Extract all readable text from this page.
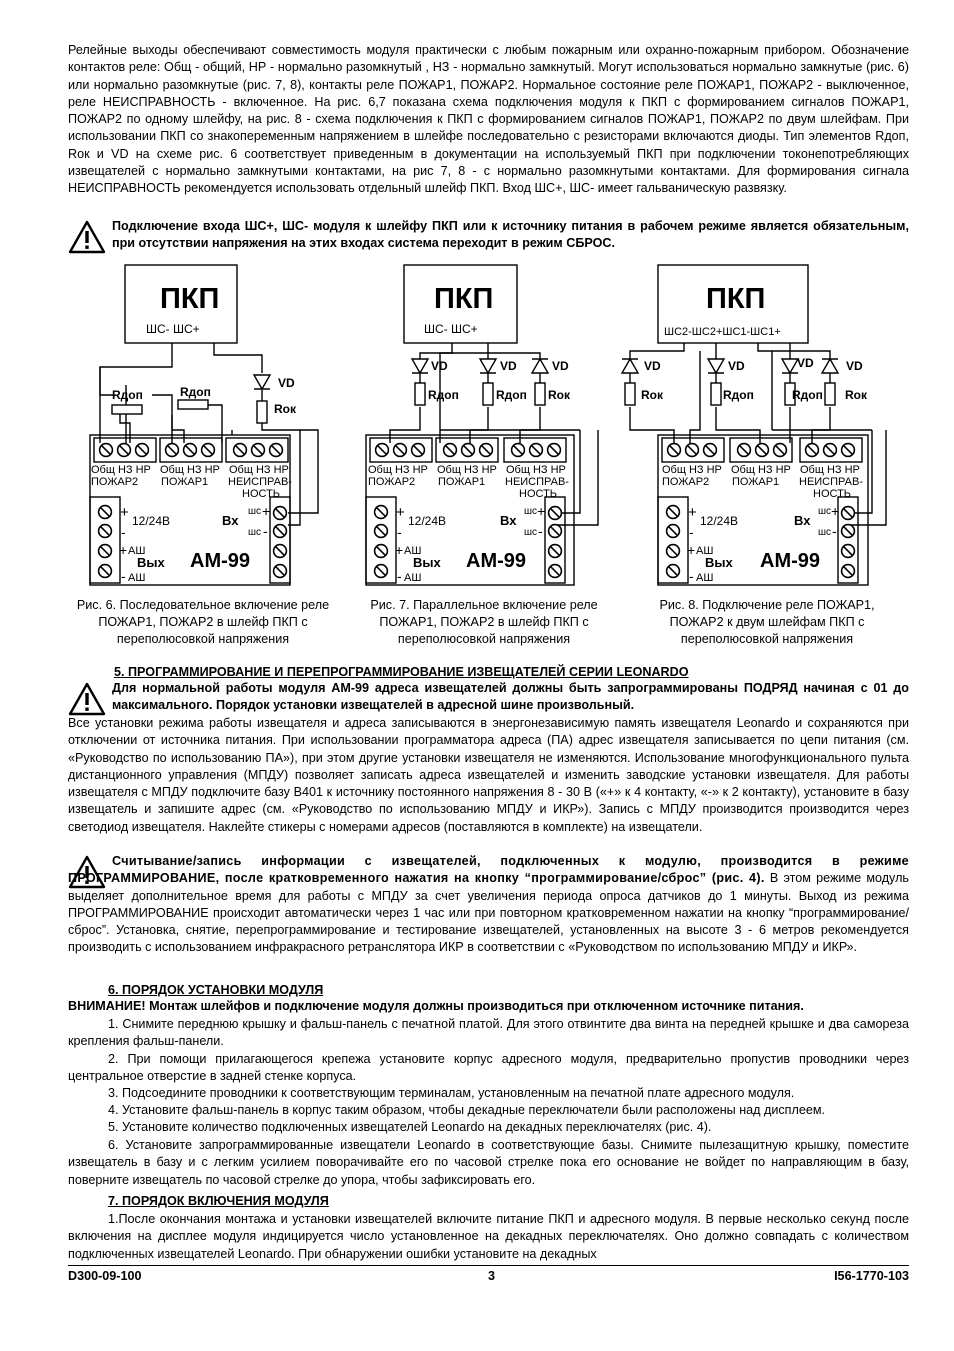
Релейные выходы обеспечивают совместимость модуля практически с любым пожарным или охранно-пожарным прибором. Обозначение контактов реле: Общ - общий, НР - нормально разомкнутый , НЗ - нормально замкнутый. Могут использоваться нормально замкнутые (рис. 6) или нормально разомкнутые (рис. 7, 8), контакты реле ПОЖАР1, ПОЖАР2. Нормальное состояние реле ПОЖАР1, ПОЖАР2 - выключенное, реле НЕИСПРАВНОСТЬ - включенное. На рис. 6,7 показана схема подключения модуля к ПКП с формированием сигналов ПОЖАР1, ПОЖАР2 по одному шлейфу, на рис. 8 - схема подключения к ПКП с формированием сигналов ПОЖАР1, ПОЖАР2 по двум шлейфам. При использовании ПКП со знакопеременным напряжением в шлейфе последовательно с резисторами включаются диоды. Тип элементов Rдоп, Rок и VD на схеме рис. 6 соответствует приведенным в документации на используемый ПКП при подключении токонепотребляющих извещателей с нормально замкнутыми контактами, на рис 7, 8 - с нормально разомкнутыми контактами. Для формирования сигнала НЕИСПРАВНОСТЬ рекомендуется использовать отдельный шлейф ПКП. Вход ШС+, ШС- имеет гальваническую развязку.

Подключение входа ШС+, ШС- модуля к шлейфу ПКП или к источнику питания в рабочем режиме является обязательным, при отсутствии напряжения на этих входах система переходит в режим СБРОС.
ПКП
ШС- ШС+
VD
Rдоп	Rдоп
Rок
Общ НЗ НР Общ НЗ НР Общ НЗ НР
ПОЖАР2 ПОЖАР1 НЕИСПРАВ-
НОСТЬ
+ 12/24В
-
+ АШ
- АШ
Вых
Вх
шс
шс
+
-
АМ-99
ПКП
ШС- ШС+
VD	VD	VD
Rдоп	Rдоп Rок
Общ НЗ НР Общ НЗ НР Общ НЗ НР
ПОЖАР2 ПОЖАР1 НЕИСПРАВ-
НОСТЬ
+ 12/24В
-
+ АШ
- АШ
Вых
Вх
шс
шс
+
-
АМ-99
ПКП
ШС2-ШС2+ШС1-ШС1+
VD	VD	VD	VD
Rок	Rдоп	Rдоп Rок
Общ НЗ НР Общ НЗ НР Общ НЗ НР
ПОЖАР2 ПОЖАР1 НЕИСПРАВ-
НОСТЬ
+ 12/24В
-
+ АШ
- АШ
Вых
Вх
шс
шс
+
-
АМ-99
Рис. 6. Последовательное включение реле ПОЖАР1, ПОЖАР2 в шлейф ПКП с переполюсовкой напряжения
Рис. 7. Параллельное включение реле ПОЖАР1, ПОЖАР2 в шлейф ПКП с переполюсовкой напряжения
Рис. 8. Подключение реле ПОЖАР1, ПОЖАР2 к двум шлейфам ПКП с переполюсовкой напряжения
5. ПРОГРАММИРОВАНИЕ И ПЕРЕПРОГРАММИРОВАНИЕ ИЗВЕЩАТЕЛЕЙ СЕРИИ LEONARDO
Для нормальной работы модуля АМ-99 адреса извещателей должны быть запрограммированы ПОДРЯД начиная с 01 до максимального. Порядок установки извещателей в адресной шине произвольный.

Все установки режима работы извещателя и адреса записываются в энергонезависимую память извещателя Leonardo и сохраняются при отключении от источника питания. При использовании программатора адреса (ПА) адрес извещателя записывается по цепи питания (см. «Руководство по использованию ПА»), при этом другие установки извещателя не изменяются. Использование многофункционального пульта дистанционного управления (МПДУ) позволяет записать адреса извещателей и изменить заводские установки извещателя. Для работы извещателя с МПДУ подключите базу B401 к источнику постоянного напряжения 8 - 30 В («+» к 4 контакту, «-» к 2 контакту), установите в базу извещатель и запишите адрес (см. «Руководство по использованию МПДУ и ИКР»). Запись с МПДУ производится производится через светодиод извещателя. Наклейте стикеры с номерами адресов (поставляются в комплекте) на извещатели.

Считывание/запись информации с извещателей, подключенных к модулю, производится в режиме ПРОГРАММИРОВАНИЕ, после кратковременного нажатия на кнопку “программирование/сброс” (рис. 4). В этом режиме модуль выделяет дополнительное время для работы с МПДУ за счет увеличения периода опроса датчиков до 1 минуты. Выход из режима ПРОГРАММИРОВАНИЕ происходит автоматически через 1 час или при повторном кратковременном нажатии на кнопку “программирование/сброс”. Установка, снятие, перепрограммирование и тестирование извещателей, установленных на высоте 3 - 6 метров рекомендуется производить с использованием инфракрасного ретранслятора ИКР в соответствии с «Руководством по использованию МПДУ и ИКР».

6. ПОРЯДОК УСТАНОВКИ МОДУЛЯ
ВНИМАНИЕ! Монтаж шлейфов и подключение модуля должны производиться при отключенном источнике питания.

1. Снимите переднюю крышку и фальш-панель с печатной платой. Для этого отвинтите два винта на передней крышке и два самореза крепления фальш-панели.

2. При помощи прилагающегося крепежа установите корпус адресного модуля, предварительно пропустив проводники через центральное отверстие в задней стенке корпуса.

3. Подсоедините проводники к соответствующим терминалам, установленным на печатной плате адресного модуля.

4. Установите фальш-панель в корпус таким образом, чтобы декадные переключатели были расположены над дисплеем.

5. Установите количество подключенных извещателей Leonardo на декадных переключателях (рис. 4).

6. Установите запрограммированные извещатели Leonardo в соответствующие базы. Снимите пылезащитную крышку, поместите извещатель в базу и с легким усилием поворачивайте его по часовой стрелке пока его основание не войдет по направляющим в базу, поверните извещатель по часовой стрелке до упора, чтобы зафиксировать его.

7. ПОРЯДОК ВКЛЮЧЕНИЯ МОДУЛЯ

1.После окончания монтажа и установки извещателей включите питание ПКП и адресного модуля. В первые несколько секунд после включения на дисплее модуля индицируется число установленное на декадных переключателях. Оно должно совпадать с количеством подключенных извещателей Leonardo. При обнаружении ошибки установите на декадных

D300-09-100	3	I56-1770-103
